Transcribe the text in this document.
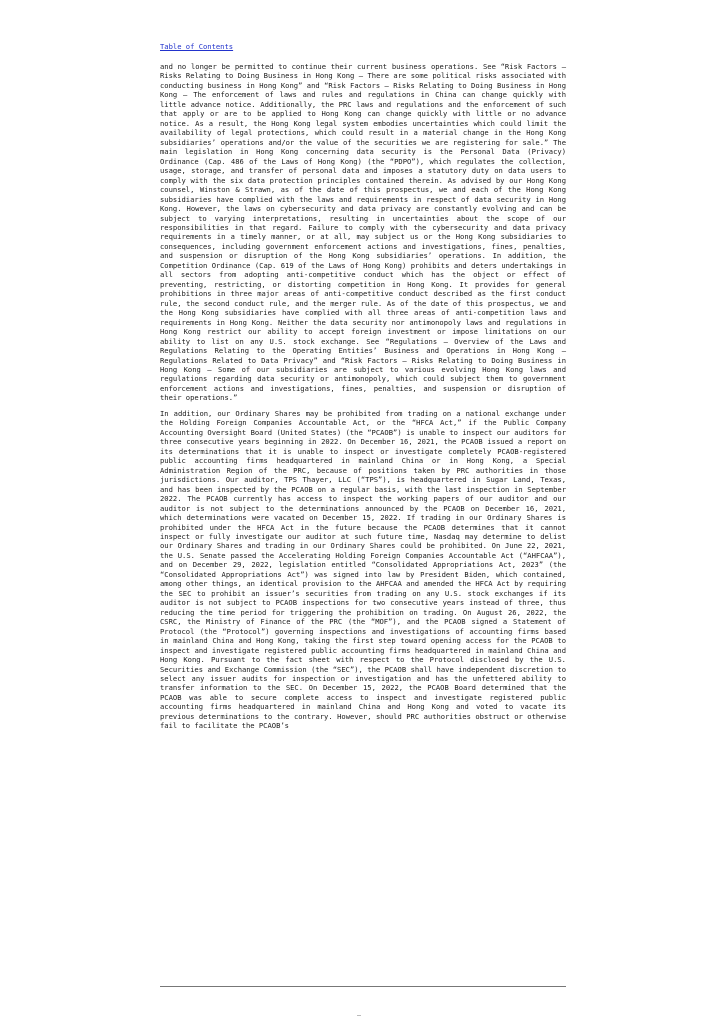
Table of Contents

and no longer be permitted to continue their current business operations. See “Risk Factors — Risks Relating to Doing Business in Hong Kong — There are some political risks associated with conducting business in Hong Kong” and “Risk Factors — Risks Relating to Doing Business in Hong Kong — The enforcement of laws and rules and regulations in China can change quickly with little advance notice. Additionally, the PRC laws and regulations and the enforcement of such that apply or are to be applied to Hong Kong can change quickly with little or no advance notice. As a result, the Hong Kong legal system embodies uncertainties which could limit the availability of legal protections, which could result in a material change in the Hong Kong subsidiaries’ operations and/or the value of the securities we are registering for sale.” The main legislation in Hong Kong concerning data security is the Personal Data (Privacy) Ordinance (Cap. 486 of the Laws of Hong Kong) (the “PDPO”), which regulates the collection, usage, storage, and transfer of personal data and imposes a statutory duty on data users to comply with the six data protection principles contained therein. As advised by our Hong Kong counsel, Winston & Strawn, as of the date of this prospectus, we and each of the Hong Kong subsidiaries have complied with the laws and requirements in respect of data security in Hong Kong. However, the laws on cybersecurity and data privacy are constantly evolving and can be subject to varying interpretations, resulting in uncertainties about the scope of our responsibilities in that regard. Failure to comply with the cybersecurity and data privacy requirements in a timely manner, or at all, may subject us or the Hong Kong subsidiaries to consequences, including government enforcement actions and investigations, fines, penalties, and suspension or disruption of the Hong Kong subsidiaries’ operations. In addition, the Competition Ordinance (Cap. 619 of the Laws of Hong Kong) prohibits and deters undertakings in all sectors from adopting anti-competitive conduct which has the object or effect of preventing, restricting, or distorting competition in Hong Kong. It provides for general prohibitions in three major areas of anti-competitive conduct described as the first conduct rule, the second conduct rule, and the merger rule. As of the date of this prospectus, we and the Hong Kong subsidiaries have complied with all three areas of anti-competition laws and requirements in Hong Kong. Neither the data security nor antimonopoly laws and regulations in Hong Kong restrict our ability to accept foreign investment or impose limitations on our ability to list on any U.S. stock exchange. See “Regulations — Overview of the Laws and Regulations Relating to the Operating Entities’ Business and Operations in Hong Kong — Regulations Related to Data Privacy” and “Risk Factors — Risks Relating to Doing Business in Hong Kong — Some of our subsidiaries are subject to various evolving Hong Kong laws and regulations regarding data security or antimonopoly, which could subject them to government enforcement actions and investigations, fines, penalties, and suspension or disruption of their operations.”

In addition, our Ordinary Shares may be prohibited from trading on a national exchange under the Holding Foreign Companies Accountable Act, or the “HFCA Act,” if the Public Company Accounting Oversight Board (United States) (the “PCAOB”) is unable to inspect our auditors for three consecutive years beginning in 2022. On December 16, 2021, the PCAOB issued a report on its determinations that it is unable to inspect or investigate completely PCAOB-registered public accounting firms headquartered in mainland China or in Hong Kong, a Special Administration Region of the PRC, because of positions taken by PRC authorities in those jurisdictions. Our auditor, TPS Thayer, LLC (“TPS”), is headquartered in Sugar Land, Texas, and has been inspected by the PCAOB on a regular basis, with the last inspection in September 2022. The PCAOB currently has access to inspect the working papers of our auditor and our auditor is not subject to the determinations announced by the PCAOB on December 16, 2021, which determinations were vacated on December 15, 2022. If trading in our Ordinary Shares is prohibited under the HFCA Act in the future because the PCAOB determines that it cannot inspect or fully investigate our auditor at such future time, Nasdaq may determine to delist our Ordinary Shares and trading in our Ordinary Shares could be prohibited. On June 22, 2021, the U.S. Senate passed the Accelerating Holding Foreign Companies Accountable Act (“AHFCAA”), and on December 29, 2022, legislation entitled “Consolidated Appropriations Act, 2023” (the “Consolidated Appropriations Act”) was signed into law by President Biden, which contained, among other things, an identical provision to the AHFCAA and amended the HFCA Act by requiring the SEC to prohibit an issuer’s securities from trading on any U.S. stock exchanges if its auditor is not subject to PCAOB inspections for two consecutive years instead of three, thus reducing the time period for triggering the prohibition on trading. On August 26, 2022, the CSRC, the Ministry of Finance of the PRC (the “MOF”), and the PCAOB signed a Statement of Protocol (the “Protocol”) governing inspections and investigations of accounting firms based in mainland China and Hong Kong, taking the first step toward opening access for the PCAOB to inspect and investigate registered public accounting firms headquartered in mainland China and Hong Kong. Pursuant to the fact sheet with respect to the Protocol disclosed by the U.S. Securities and Exchange Commission (the “SEC”), the PCAOB shall have independent discretion to select any issuer audits for inspection or investigation and has the unfettered ability to transfer information to the SEC. On December 15, 2022, the PCAOB Board determined that the PCAOB was able to secure complete access to inspect and investigate registered public accounting firms headquartered in mainland China and Hong Kong and voted to vacate its previous determinations to the contrary. However, should PRC authorities obstruct or otherwise fail to facilitate the PCAOB’s
